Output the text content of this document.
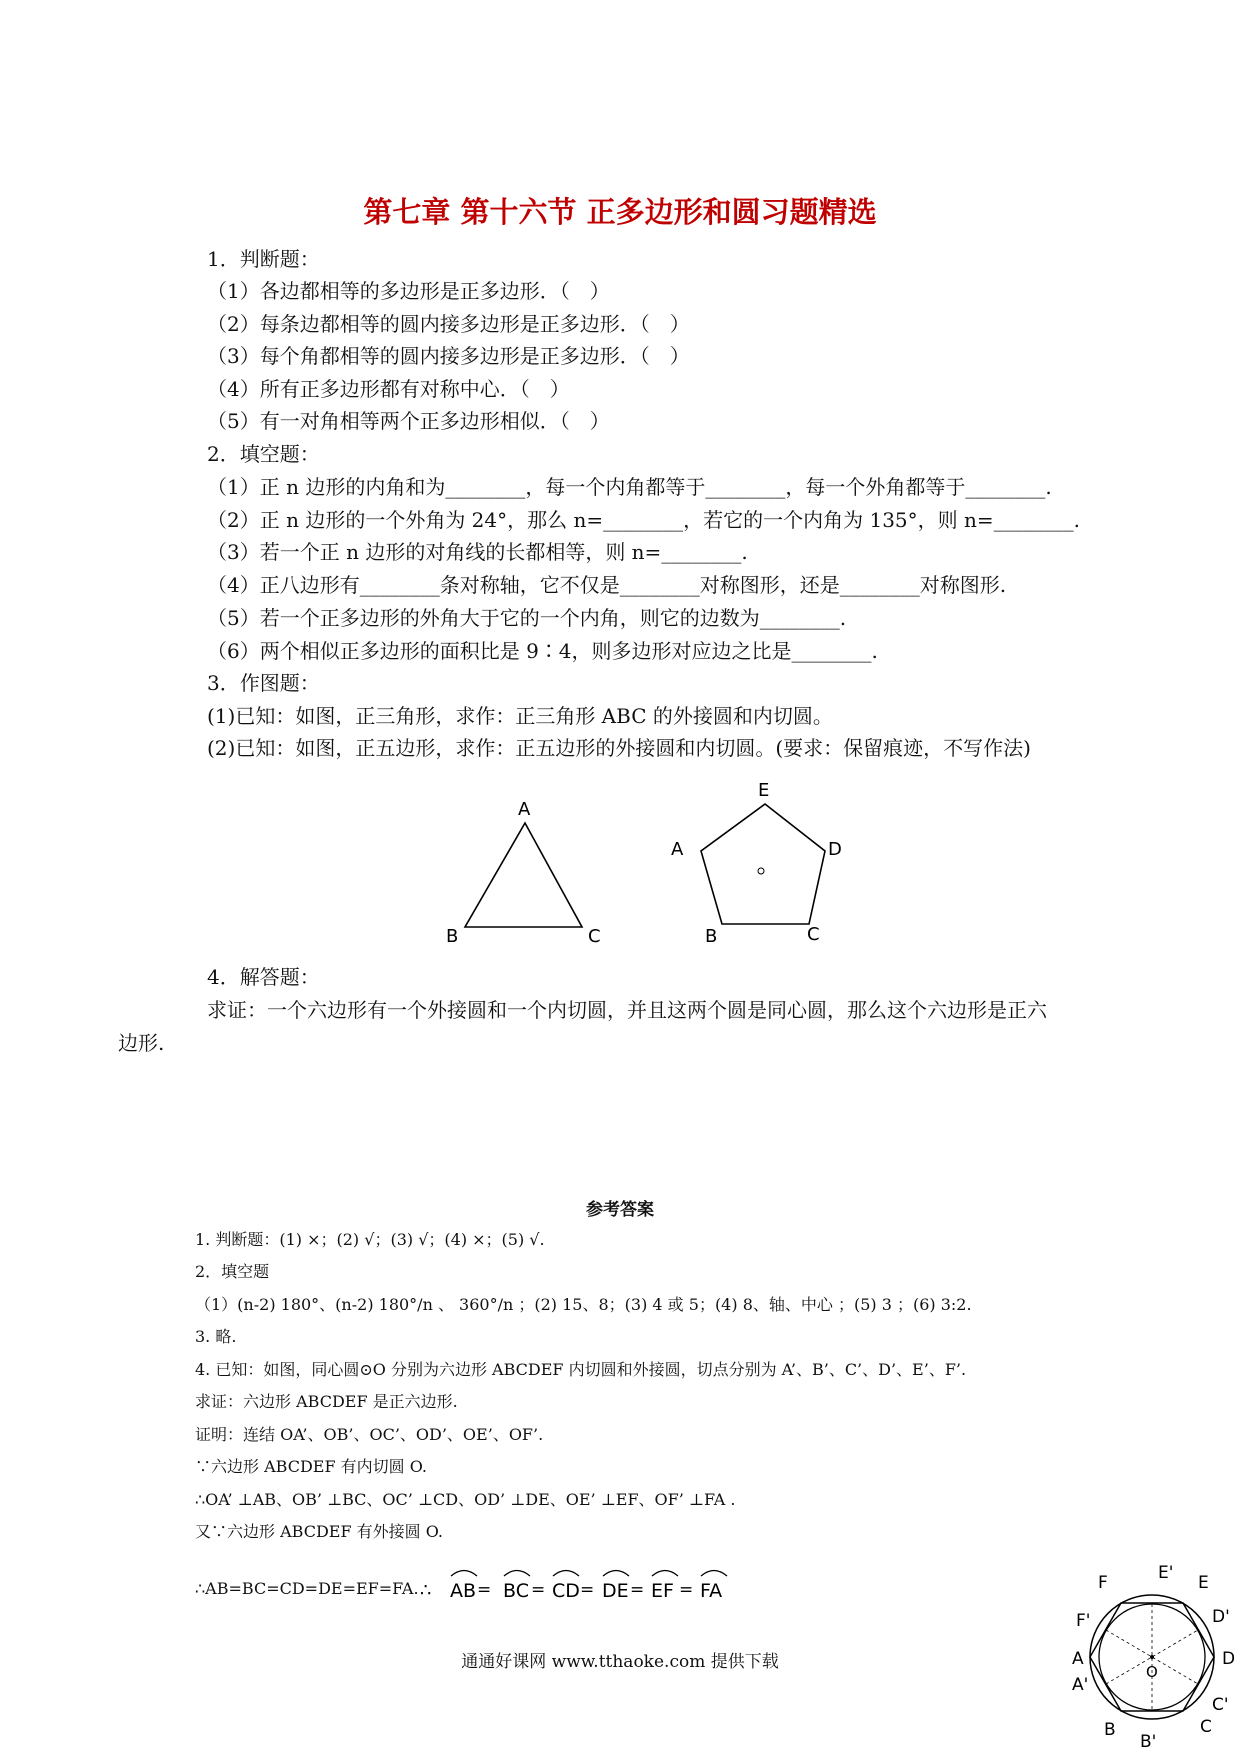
第七章 第十六节 正多边形和圆习题精选
1．判断题：
（1）各边都相等的多边形是正多边形．（　）
（2）每条边都相等的圆内接多边形是正多边形．（　）
（3）每个角都相等的圆内接多边形是正多边形．（　）
（4）所有正多边形都有对称中心．（　）
（5）有一对角相等两个正多边形相似．（　）
2．填空题：
（1）正 n 边形的内角和为________，每一个内角都等于________，每一个外角都等于________.
（2）正 n 边形的一个外角为 24°，那么 n=________，若它的一个内角为 135°，则 n=________.
（3）若一个正 n 边形的对角线的长都相等，则 n=________.
（4）正八边形有________条对称轴，它不仅是________对称图形，还是________对称图形.
（5）若一个正多边形的外角大于它的一个内角，则它的边数为________.
（6）两个相似正多边形的面积比是 9∶4，则多边形对应边之比是________.
3．作图题：
(1)已知：如图，正三角形，求作：正三角形 ABC 的外接圆和内切圆。
(2)已知：如图，正五边形，求作：正五边形的外接圆和内切圆。(要求：保留痕迹，不写作法)
A
B	C
E
A	D
B	C
4．解答题：
求证：一个六边形有一个外接圆和一个内切圆，并且这两个圆是同心圆，那么这个六边形是正六
边形.
参考答案
1. 判断题：(1) ×；(2) √；(3) √；(4) ×；(5) √.
2．填空题
（1）(n-2) 180°、(n-2) 180°/n 、 360°/n ；(2) 15、8；(3) 4 或 5；(4) 8、轴、中心 ；(5) 3 ；(6) 3:2.
3. 略.
4. 已知：如图，同心圆⊙O 分别为六边形 ABCDEF 内切圆和外接圆，切点分别为 A’、B’、C’、D’、E’、F’.
求证：六边形 ABCDEF 是正六边形.
证明：连结 OA’、OB’、OC’、OD’、OE’、OF’.
∵六边形 ABCDEF 有内切圆 O.
∴OA’ ⊥AB、OB’ ⊥BC、OC’ ⊥CD、OD’ ⊥DE、OE’ ⊥EF、OF’ ⊥FA .
又∵六边形 ABCDEF 有外接圆 O.
∴AB=BC=CD=DE=EF=FA. ∴ AB = BC = CD = DE = EF = FA
A
A'
B
B'
C
C'
D
D'
E
E'
F
F'
O
通通好课网 www.tthaoke.com 提供下载
